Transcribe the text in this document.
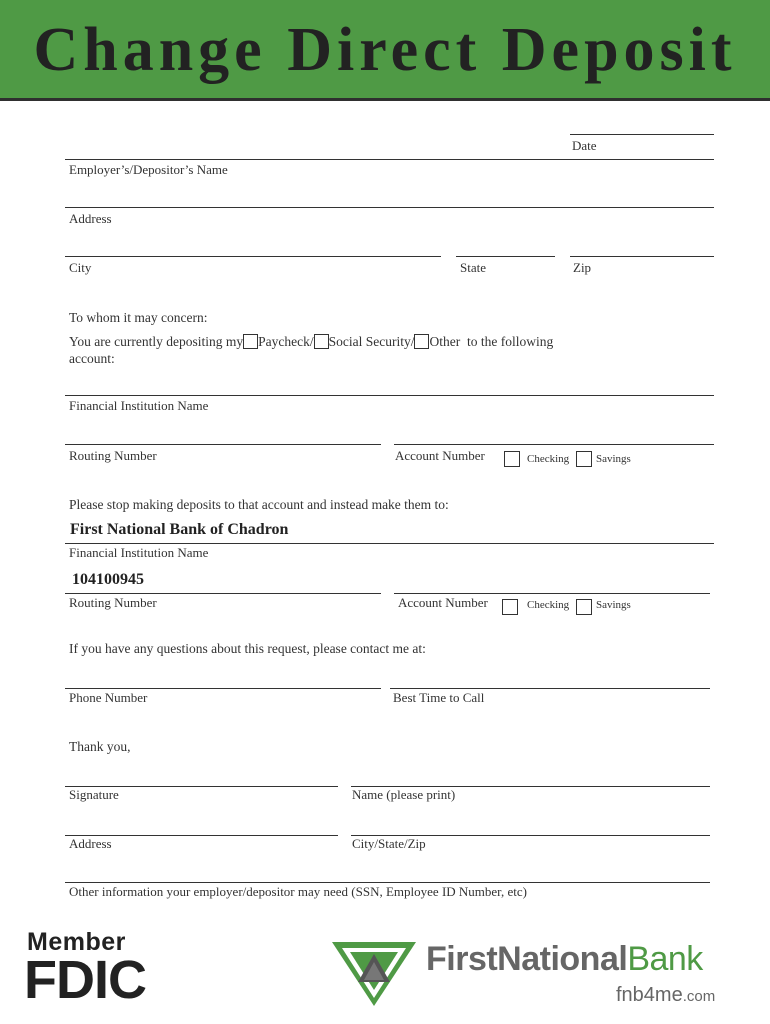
Change Direct Deposit
Date
Employer’s/Depositor’s Name
Address
City	State	Zip
To whom it may concern:
You are currently depositing my Paycheck/ Social Security/ Other to the following
account:
Financial Institution Name
Routing Number	Account Number	Checking Savings
Please stop making deposits to that account and instead make them to:
First National Bank of Chadron
Financial Institution Name
104100945
Routing Number	Account Number	Checking Savings
If you have any questions about this request, please contact me at:
Phone Number	Best Time to Call
Thank you,
Signature	Name (please print)
Address	City/State/Zip
Other information your employer/depositor may need (SSN, Employee ID Number, etc)
Member
FDIC	FirstNationalBank
fnb4me.com
